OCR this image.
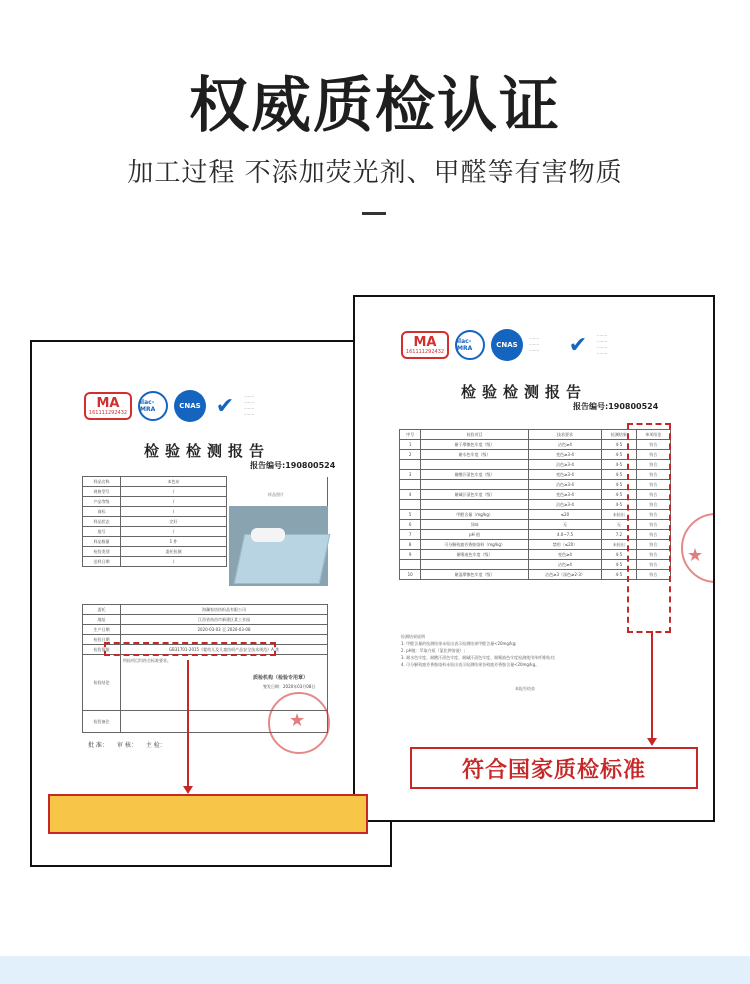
权威质检认证
加工过程 不添加荧光剂、甲醛等有害物质
MA
161111292432
ilac-MRA	CNAS ✔	········
········
········
········
检验检测报告
报告编号:190800524
样品名称	本色布	
规格型号	/	
产品等级	/	
商标	/	
样品状态	完好	
批号	/	
样品数量	1 件	
检验类别	委托检测	
送样日期	/	
样品照片
委托	海澜家纺纺织品有限公司
地址	江西省南昌市新建区某工业园
生产日期	2020-03-03 至 2020-03-08
检验日期	
检验依据	GB31701-2015《婴幼儿及儿童纺织产品安全技术规范》A 类
检验结论	所检项目均符合标准要求。
质检机构（检验专用章）
签发日期：2020年03月08日

检验备注		★
批 准：　　审 核：　　主 检：
MA
161111292432
ilac-MRA	CNAS
········
········
········	✔	········
········
········
········
检验检测报告
报告编号:190800524
序号	检验项目	技术要求	检测结果	单项结论
1	耐干摩擦色牢度（级）	沾色≥4	4-5	符合
2	耐水色牢度（级）	变色≥3-4	4-5	符合
		沾色≥3-4	4-5	符合
3	耐酸汗渍色牢度（级）	变色≥3-4	4-5	符合
		沾色≥3-4	4-5	符合
4	耐碱汗渍色牢度（级）	变色≥3-4	4-5	符合
		沾色≥3-4	4-5	符合
5	甲醛含量（mg/kg）	≤20	未检出	符合
6	异味	无	无	符合
7	pH 值	4.0~7.5	7.2	符合
8	可分解致癌芳香胺染料（mg/kg）	禁用（≤20）	未检出	符合
9	耐唾液色牢度（级）	变色≥4	4-5	符合
		沾色≥4	4-5	符合
10	耐湿摩擦色牢度（级）	沾色≥3（深色≥2-3）	4-5	符合
检测结果说明
1. 甲醛含量的检测结果未检出表示检测结果甲醛含量<20mg/kg;
2. pH值：萃取介质（氯化钾溶液）;
3. 耐水色牢度、耐酸汗渍色牢度、耐碱汗渍色牢度、耐唾液色牢度检测使用单纤维贴衬;
4. 可分解致癌芳香胺染料未检出表示检测结果各致癌芳香胺含量<20mg/kg。
本报告结束
★
符合国家质检标准
